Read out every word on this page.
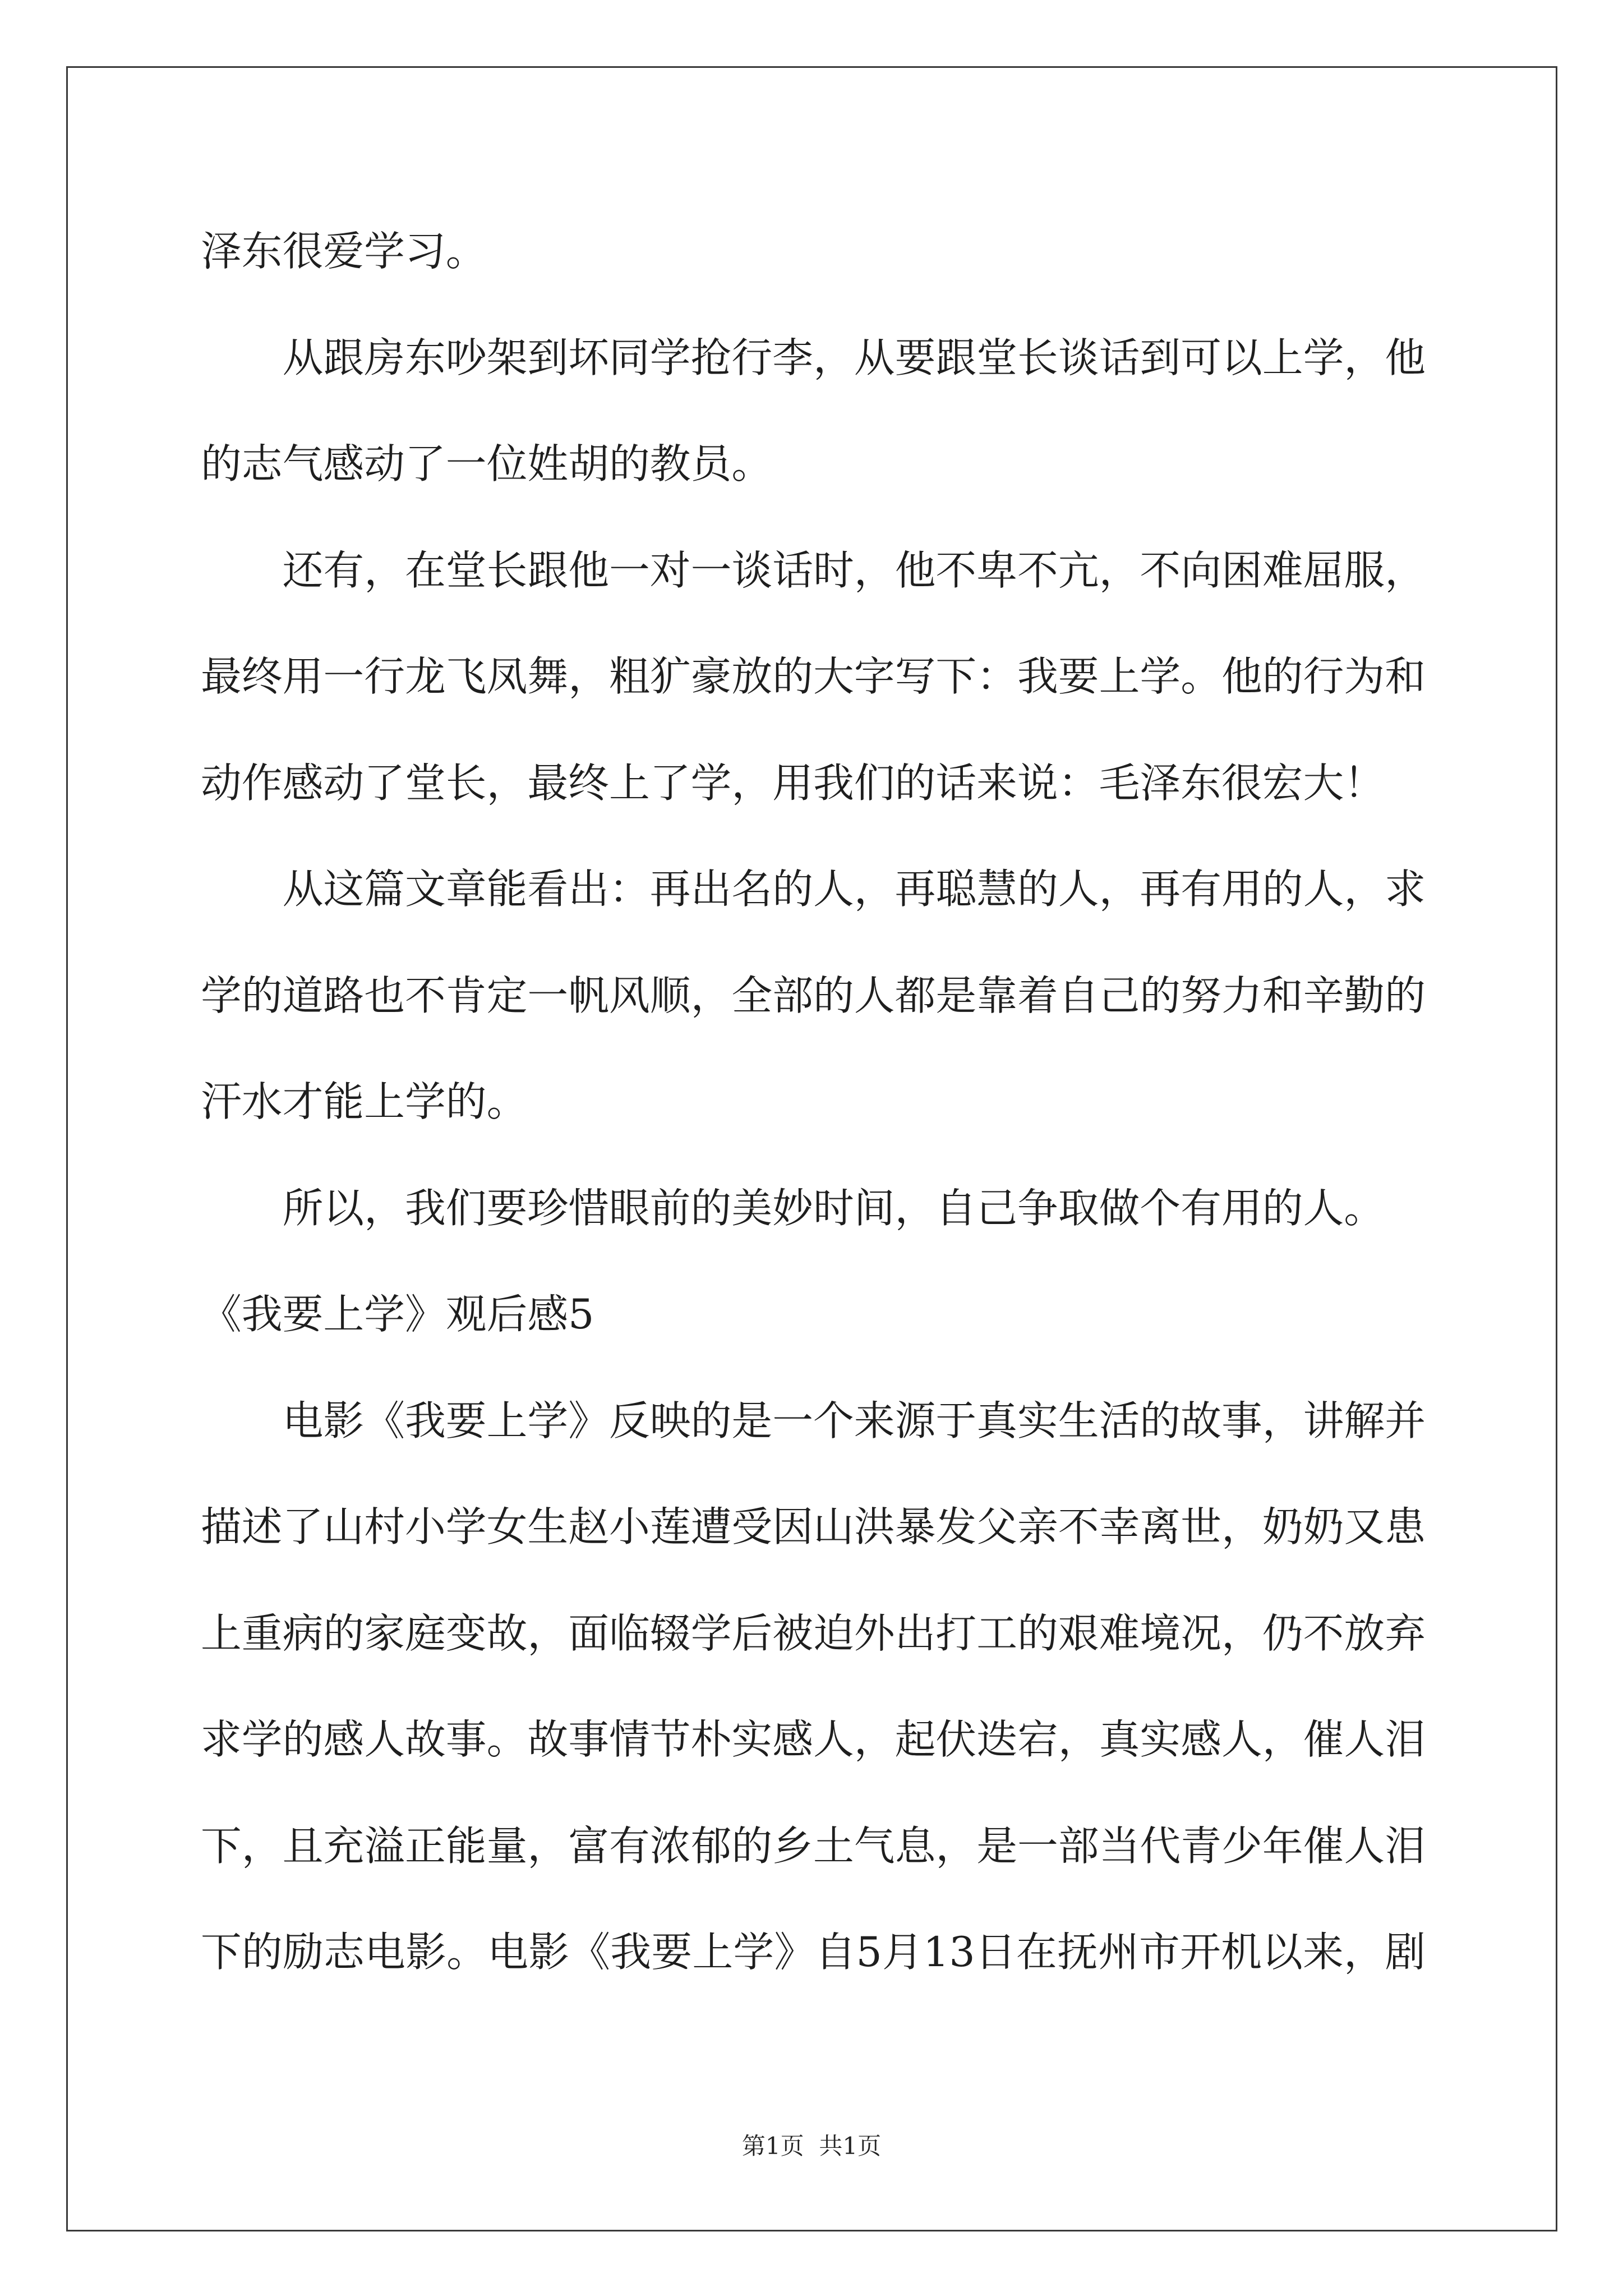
泽东很爱学习。
从跟房东吵架到坏同学抢行李，从要跟堂长谈话到可以上学，他
的志气感动了一位姓胡的教员。
还有，在堂长跟他一对一谈话时，他不卑不亢，不向困难屈服，
最终用一行龙飞凤舞，粗犷豪放的大字写下：我要上学。他的行为和
动作感动了堂长，最终上了学，用我们的话来说：毛泽东很宏大！
从这篇文章能看出：再出名的人，再聪慧的人，再有用的人，求
学的道路也不肯定一帆风顺，全部的人都是靠着自己的努力和辛勤的
汗水才能上学的。
所以，我们要珍惜眼前的美妙时间，自己争取做个有用的人。
《我要上学》观后感5
电影《我要上学》反映的是一个来源于真实生活的故事，讲解并
描述了山村小学女生赵小莲遭受因山洪暴发父亲不幸离世，奶奶又患
上重病的家庭变故，面临辍学后被迫外出打工的艰难境况，仍不放弃
求学的感人故事。故事情节朴实感人，起伏迭宕，真实感人，催人泪
下，且充溢正能量，富有浓郁的乡土气息，是一部当代青少年催人泪
下的励志电影。电影《我要上学》自5月13日在抚州市开机以来，剧
第1页  共1页
